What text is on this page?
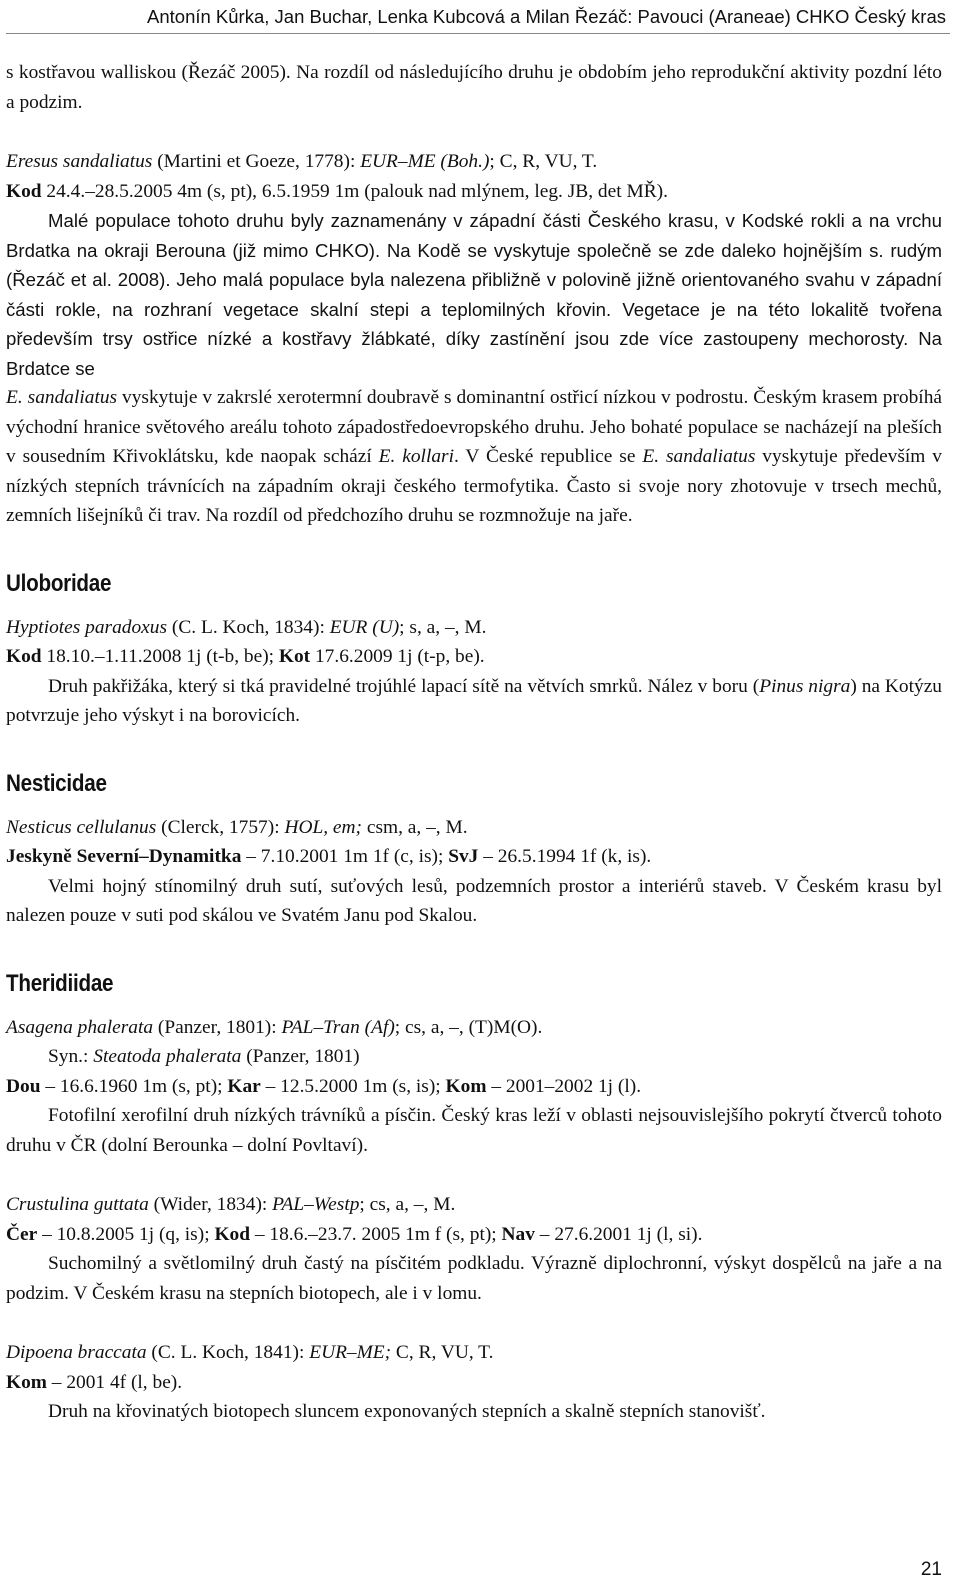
Antonín Kůrka, Jan Buchar, Lenka Kubcová a Milan Řezáč: Pavouci (Araneae) CHKO Český kras

s kostřavou walliskou (Řezáč 2005). Na rozdíl od následujícího druhu je obdobím jeho reprodukční aktivity pozdní léto a podzim.

Eresus sandaliatus (Martini et Goeze, 1778): EUR–ME (Boh.); C, R, VU, T.

Kod 24.4.–28.5.2005 4m (s, pt), 6.5.1959 1m (palouk nad mlýnem, leg. JB, det MŘ).

Malé populace tohoto druhu byly zaznamenány v západní části Českého krasu, v Kodské rokli a na vrchu Brdatka na okraji Berouna (již mimo CHKO). Na Kodě se vyskytuje společně se zde daleko hojnějším s. rudým (Řezáč et al. 2008). Jeho malá populace byla nalezena přibližně v polovině jižně orientovaného svahu v západní části rokle, na rozhraní vegetace skalní stepi a teplomilných křovin. Vegetace je na této lokalitě tvořena především trsy ostřice nízké a kostřavy žlábkaté, díky zastínění jsou zde více zastoupeny mechorosty. Na Brdatce se

E. sandaliatus vyskytuje v zakrslé xerotermní doubravě s dominantní ostřicí nízkou v podrostu. Českým krasem probíhá východní hranice světového areálu tohoto západostředoevropského druhu. Jeho bohaté populace se nacházejí na pleších v sousedním Křivoklátsku, kde naopak schází E. kollari. V České republice se E. sandaliatus vyskytuje především v nízkých stepních trávnících na západním okraji českého termofytika. Často si svoje nory zhotovuje v trsech mechů, zemních lišejníků či trav. Na rozdíl od předchozího druhu se rozmnožuje na jaře.

Uloboridae

Hyptiotes paradoxus (C. L. Koch, 1834): EUR (U); s, a, –, M.

Kod 18.10.–1.11.2008 1j (t-b, be); Kot 17.6.2009 1j (t-p, be).

Druh pakřižáka, který si tká pravidelné trojúhlé lapací sítě na větvích smrků. Nález v boru (Pinus nigra) na Kotýzu potvrzuje jeho výskyt i na borovicích.

Nesticidae

Nesticus cellulanus (Clerck, 1757): HOL, em; csm, a, –, M.

Jeskyně Severní–Dynamitka – 7.10.2001 1m 1f (c, is); SvJ – 26.5.1994 1f (k, is).

Velmi hojný stínomilný druh sutí, suťových lesů, podzemních prostor a interiérů staveb. V Českém krasu byl nalezen pouze v suti pod skálou ve Svatém Janu pod Skalou.

Theridiidae

Asagena phalerata (Panzer, 1801): PAL–Tran (Af); cs, a, –, (T)M(O).

Syn.: Steatoda phalerata (Panzer, 1801)

Dou – 16.6.1960 1m (s, pt); Kar – 12.5.2000 1m (s, is); Kom – 2001–2002 1j (l).

Fotofilní xerofilní druh nízkých trávníků a písčin. Český kras leží v oblasti nejsouvislejšího pokrytí čtverců tohoto druhu v ČR (dolní Berounka – dolní Povltaví).

Crustulina guttata (Wider, 1834): PAL–Westp; cs, a, –, M.

Čer – 10.8.2005 1j (q, is); Kod – 18.6.–23.7. 2005 1m f (s, pt); Nav – 27.6.2001 1j (l, si).

Suchomilný a světlomilný druh častý na písčitém podkladu. Výrazně diplochronní, výskyt dospělců na jaře a na podzim. V Českém krasu na stepních biotopech, ale i v lomu.

Dipoena braccata (C. L. Koch, 1841): EUR–ME; C, R, VU, T.

Kom – 2001 4f (l, be).

Druh na křovinatých biotopech sluncem exponovaných stepních a skalně stepních stanovišť.

21
